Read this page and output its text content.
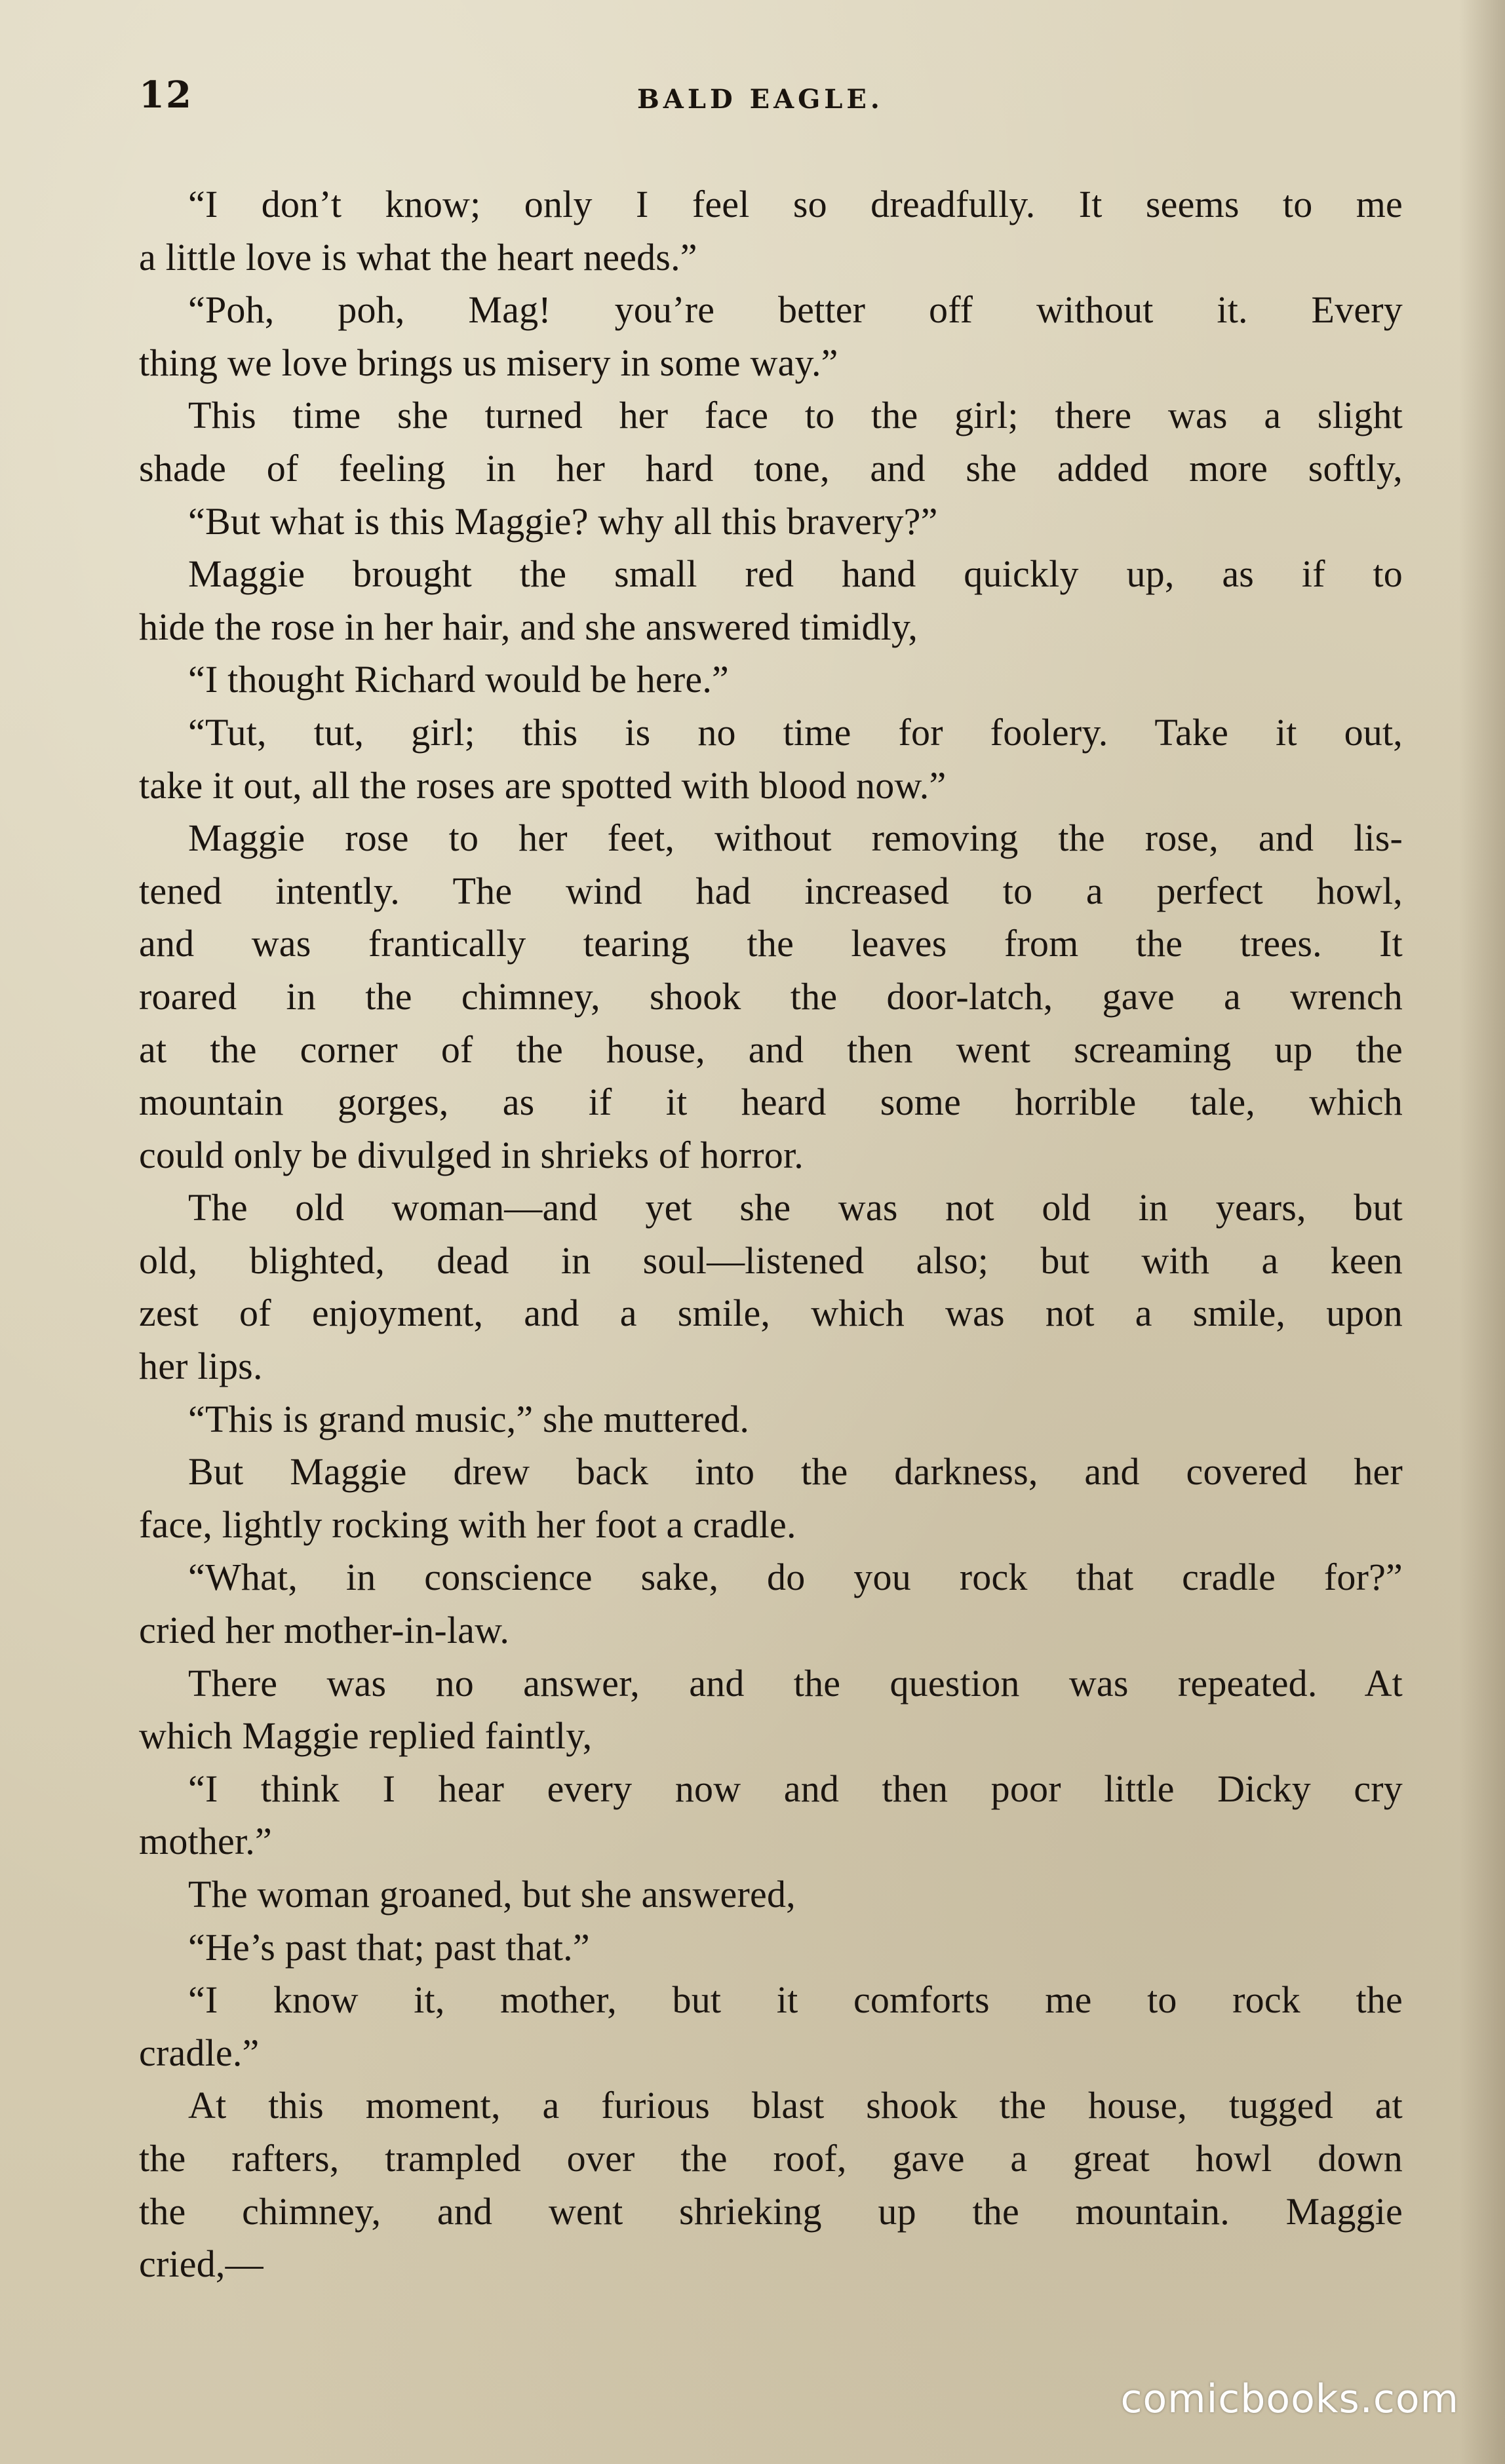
12	BALD EAGLE.
“I don’t know; only I feel so dreadfully. It seems to me
a little love is what the heart needs.”
“Poh, poh, Mag! you’re better off without it. Every
thing we love brings us misery in some way.”
This time she turned her face to the girl; there was a slight
shade of feeling in her hard tone, and she added more softly,
“But what is this Maggie? why all this bravery?”
Maggie brought the small red hand quickly up, as if to
hide the rose in her hair, and she answered timidly,
“I thought Richard would be here.”
“Tut, tut, girl; this is no time for foolery. Take it out,
take it out, all the roses are spotted with blood now.”
Maggie rose to her feet, without removing the rose, and lis-
tened intently. The wind had increased to a perfect howl,
and was frantically tearing the leaves from the trees. It
roared in the chimney, shook the door-latch, gave a wrench
at the corner of the house, and then went screaming up the
mountain gorges, as if it heard some horrible tale, which
could only be divulged in shrieks of horror.
The old woman—and yet she was not old in years, but
old, blighted, dead in soul—listened also; but with a keen
zest of enjoyment, and a smile, which was not a smile, upon
her lips.
“This is grand music,” she muttered.
But Maggie drew back into the darkness, and covered her
face, lightly rocking with her foot a cradle.
“What, in conscience sake, do you rock that cradle for?”
cried her mother-in-law.
There was no answer, and the question was repeated. At
which Maggie replied faintly,
“I think I hear every now and then poor little Dicky cry
mother.”
The woman groaned, but she answered,
“He’s past that; past that.”
“I know it, mother, but it comforts me to rock the
cradle.”
At this moment, a furious blast shook the house, tugged at
the rafters, trampled over the roof, gave a great howl down
the chimney, and went shrieking up the mountain. Maggie
cried,—
comicbooks.com
